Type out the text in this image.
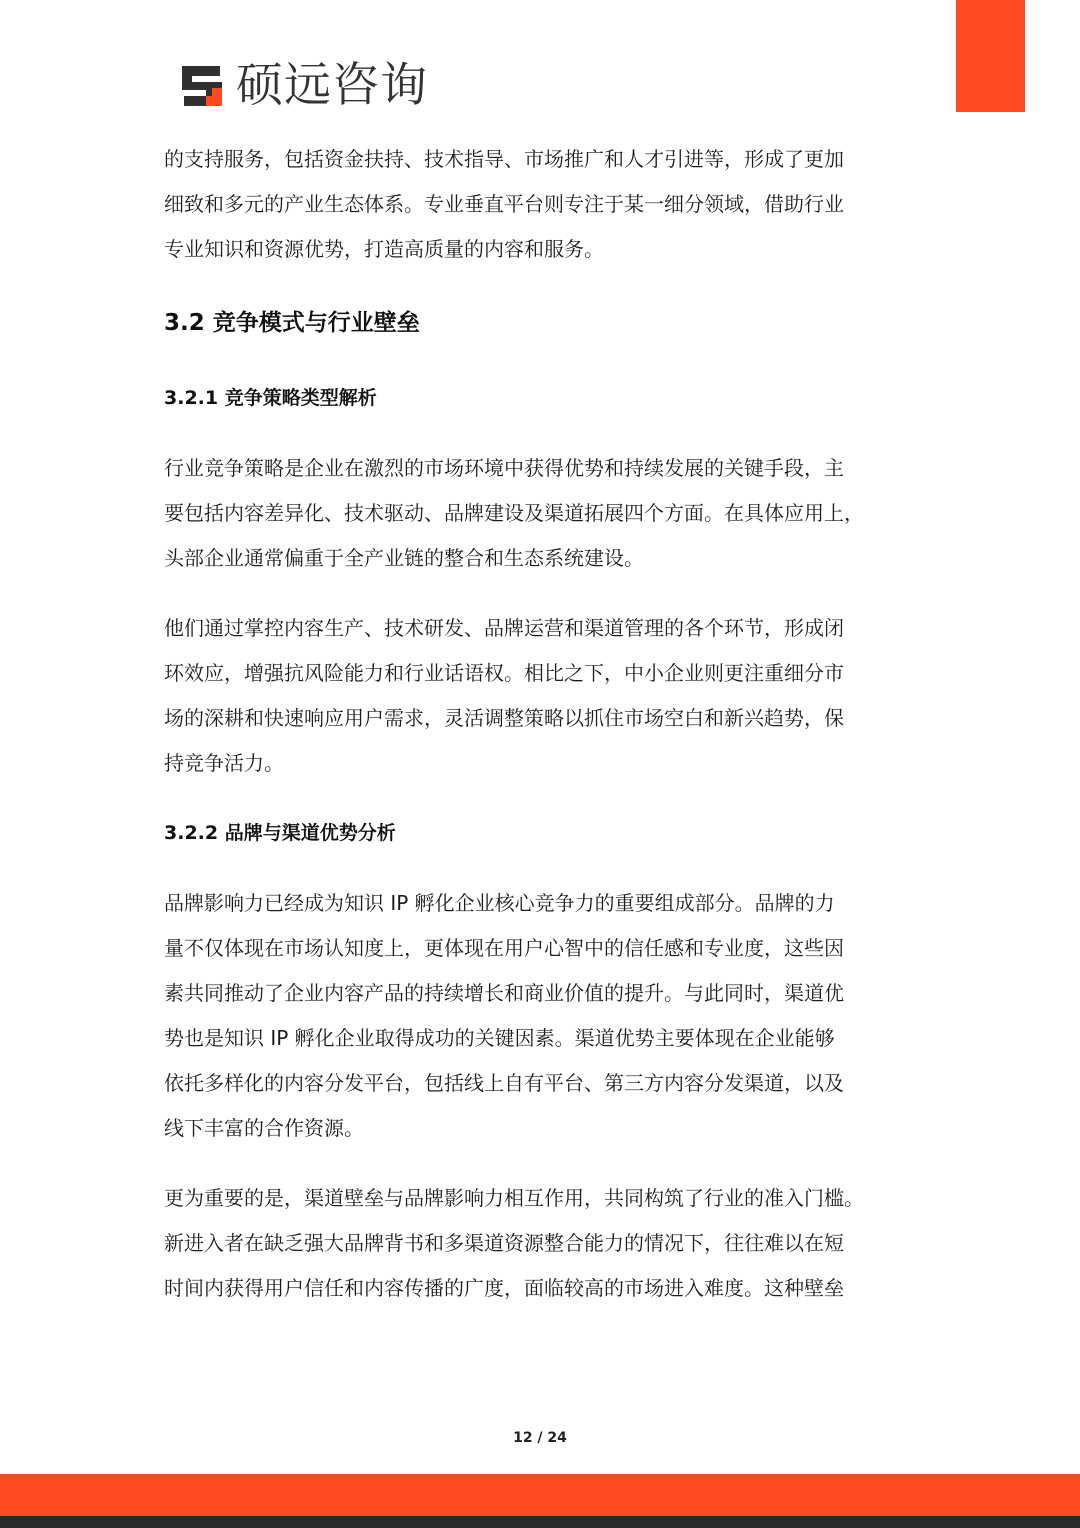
硕远咨询

的支持服务，包括资金扶持、技术指导、市场推广和人才引进等，形成了更加
细致和多元的产业生态体系。专业垂直平台则专注于某一细分领域，借助行业
专业知识和资源优势，打造高质量的内容和服务。

3.2 竞争模式与行业壁垒
3.2.1 竞争策略类型解析

行业竞争策略是企业在激烈的市场环境中获得优势和持续发展的关键手段，主
要包括内容差异化、技术驱动、品牌建设及渠道拓展四个方面。在具体应用上，
头部企业通常偏重于全产业链的整合和生态系统建设。

他们通过掌控内容生产、技术研发、品牌运营和渠道管理的各个环节，形成闭
环效应，增强抗风险能力和行业话语权。相比之下，中小企业则更注重细分市
场的深耕和快速响应用户需求，灵活调整策略以抓住市场空白和新兴趋势，保
持竞争活力。

3.2.2 品牌与渠道优势分析

品牌影响力已经成为知识 IP 孵化企业核心竞争力的重要组成部分。品牌的力
量不仅体现在市场认知度上，更体现在用户心智中的信任感和专业度，这些因
素共同推动了企业内容产品的持续增长和商业价值的提升。与此同时，渠道优
势也是知识 IP 孵化企业取得成功的关键因素。渠道优势主要体现在企业能够
依托多样化的内容分发平台，包括线上自有平台、第三方内容分发渠道，以及
线下丰富的合作资源。

更为重要的是，渠道壁垒与品牌影响力相互作用，共同构筑了行业的准入门槛。
新进入者在缺乏强大品牌背书和多渠道资源整合能力的情况下，往往难以在短
时间内获得用户信任和内容传播的广度，面临较高的市场进入难度。这种壁垒

12 / 24
